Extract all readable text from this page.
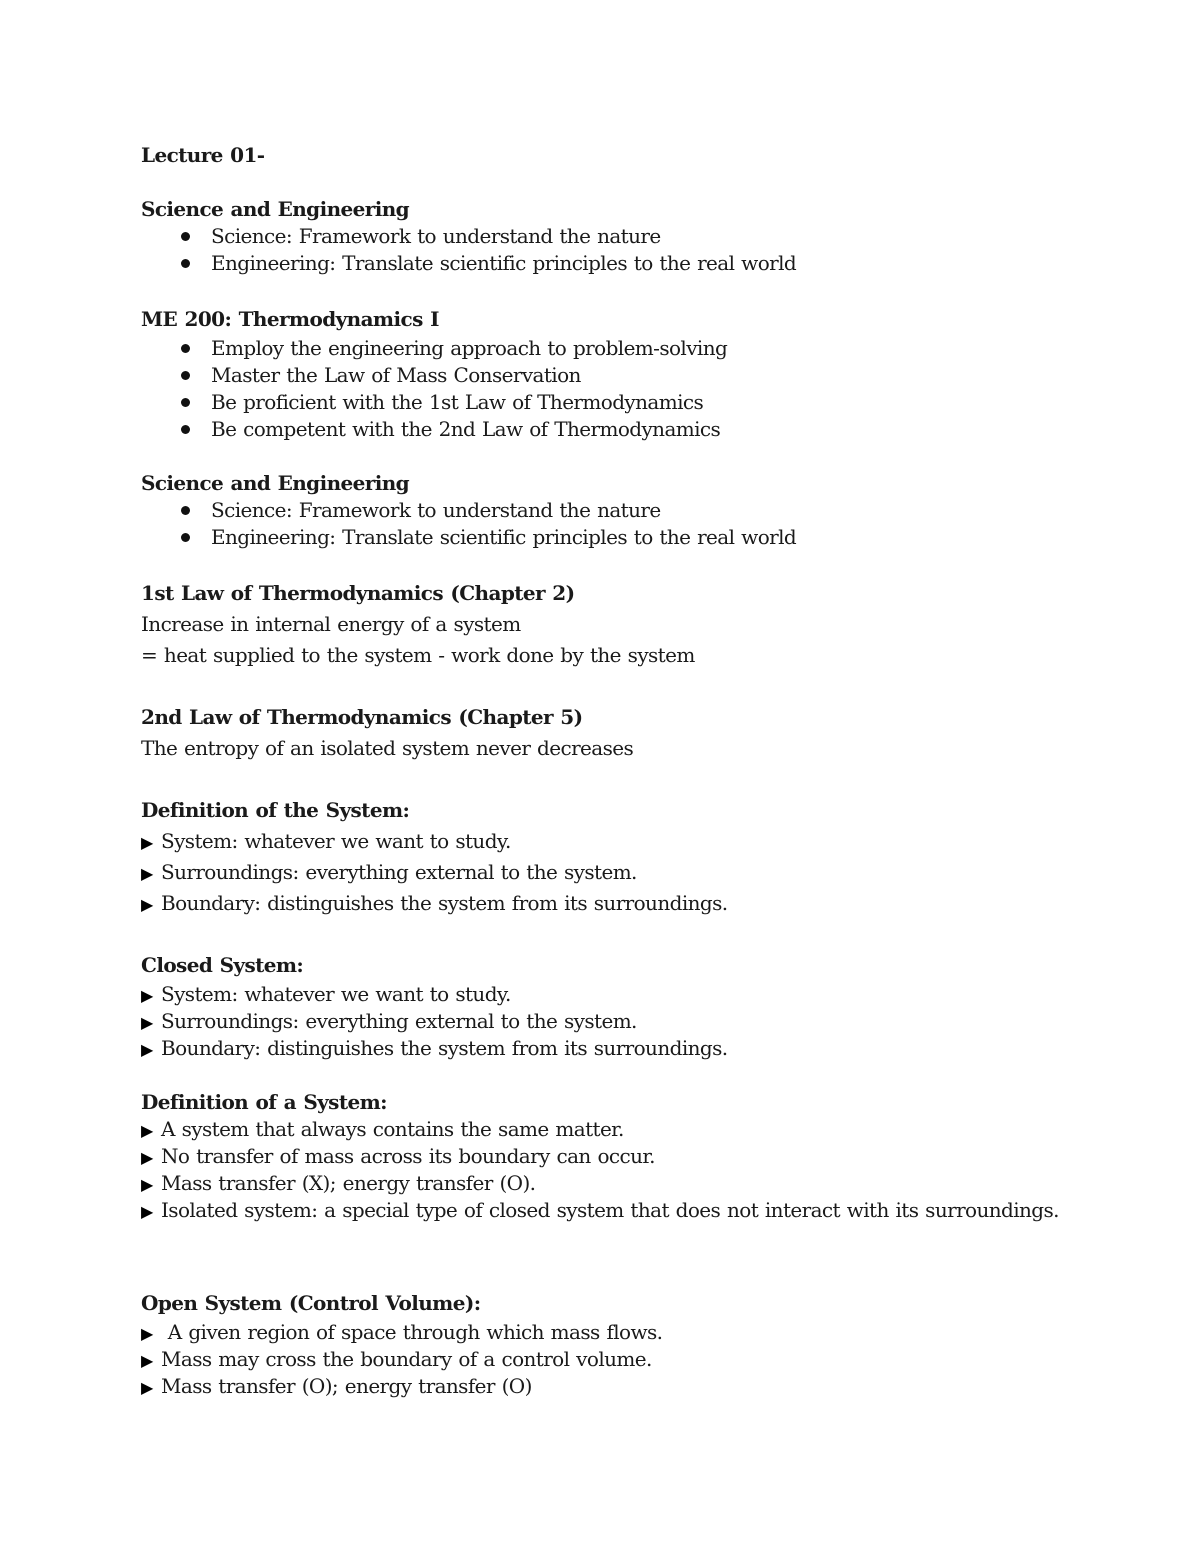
Lecture 01-

Science and Engineering

Science: Framework to understand the nature
Engineering: Translate scientific principles to the real world

ME 200: Thermodynamics I

Employ the engineering approach to problem-solving
Master the Law of Mass Conservation
Be proficient with the 1st Law of Thermodynamics
Be competent with the 2nd Law of Thermodynamics

Science and Engineering

Science: Framework to understand the nature
Engineering: Translate scientific principles to the real world

1st Law of Thermodynamics (Chapter 2)

Increase in internal energy of a system
= heat supplied to the system - work done by the system

2nd Law of Thermodynamics (Chapter 5)

The entropy of an isolated system never decreases

Definition of the System:

▶ System: whatever we want to study.
▶ Surroundings: everything external to the system.
▶ Boundary: distinguishes the system from its surroundings.

Closed System:

▶ System: whatever we want to study.
▶ Surroundings: everything external to the system.
▶ Boundary: distinguishes the system from its surroundings.

Definition of a System:

▶ A system that always contains the same matter.
▶ No transfer of mass across its boundary can occur.
▶ Mass transfer (X); energy transfer (O).
▶ Isolated system: a special type of closed system that does not interact with its surroundings.

Open System (Control Volume):

▶ A given region of space through which mass flows.
▶ Mass may cross the boundary of a control volume.
▶ Mass transfer (O); energy transfer (O)
